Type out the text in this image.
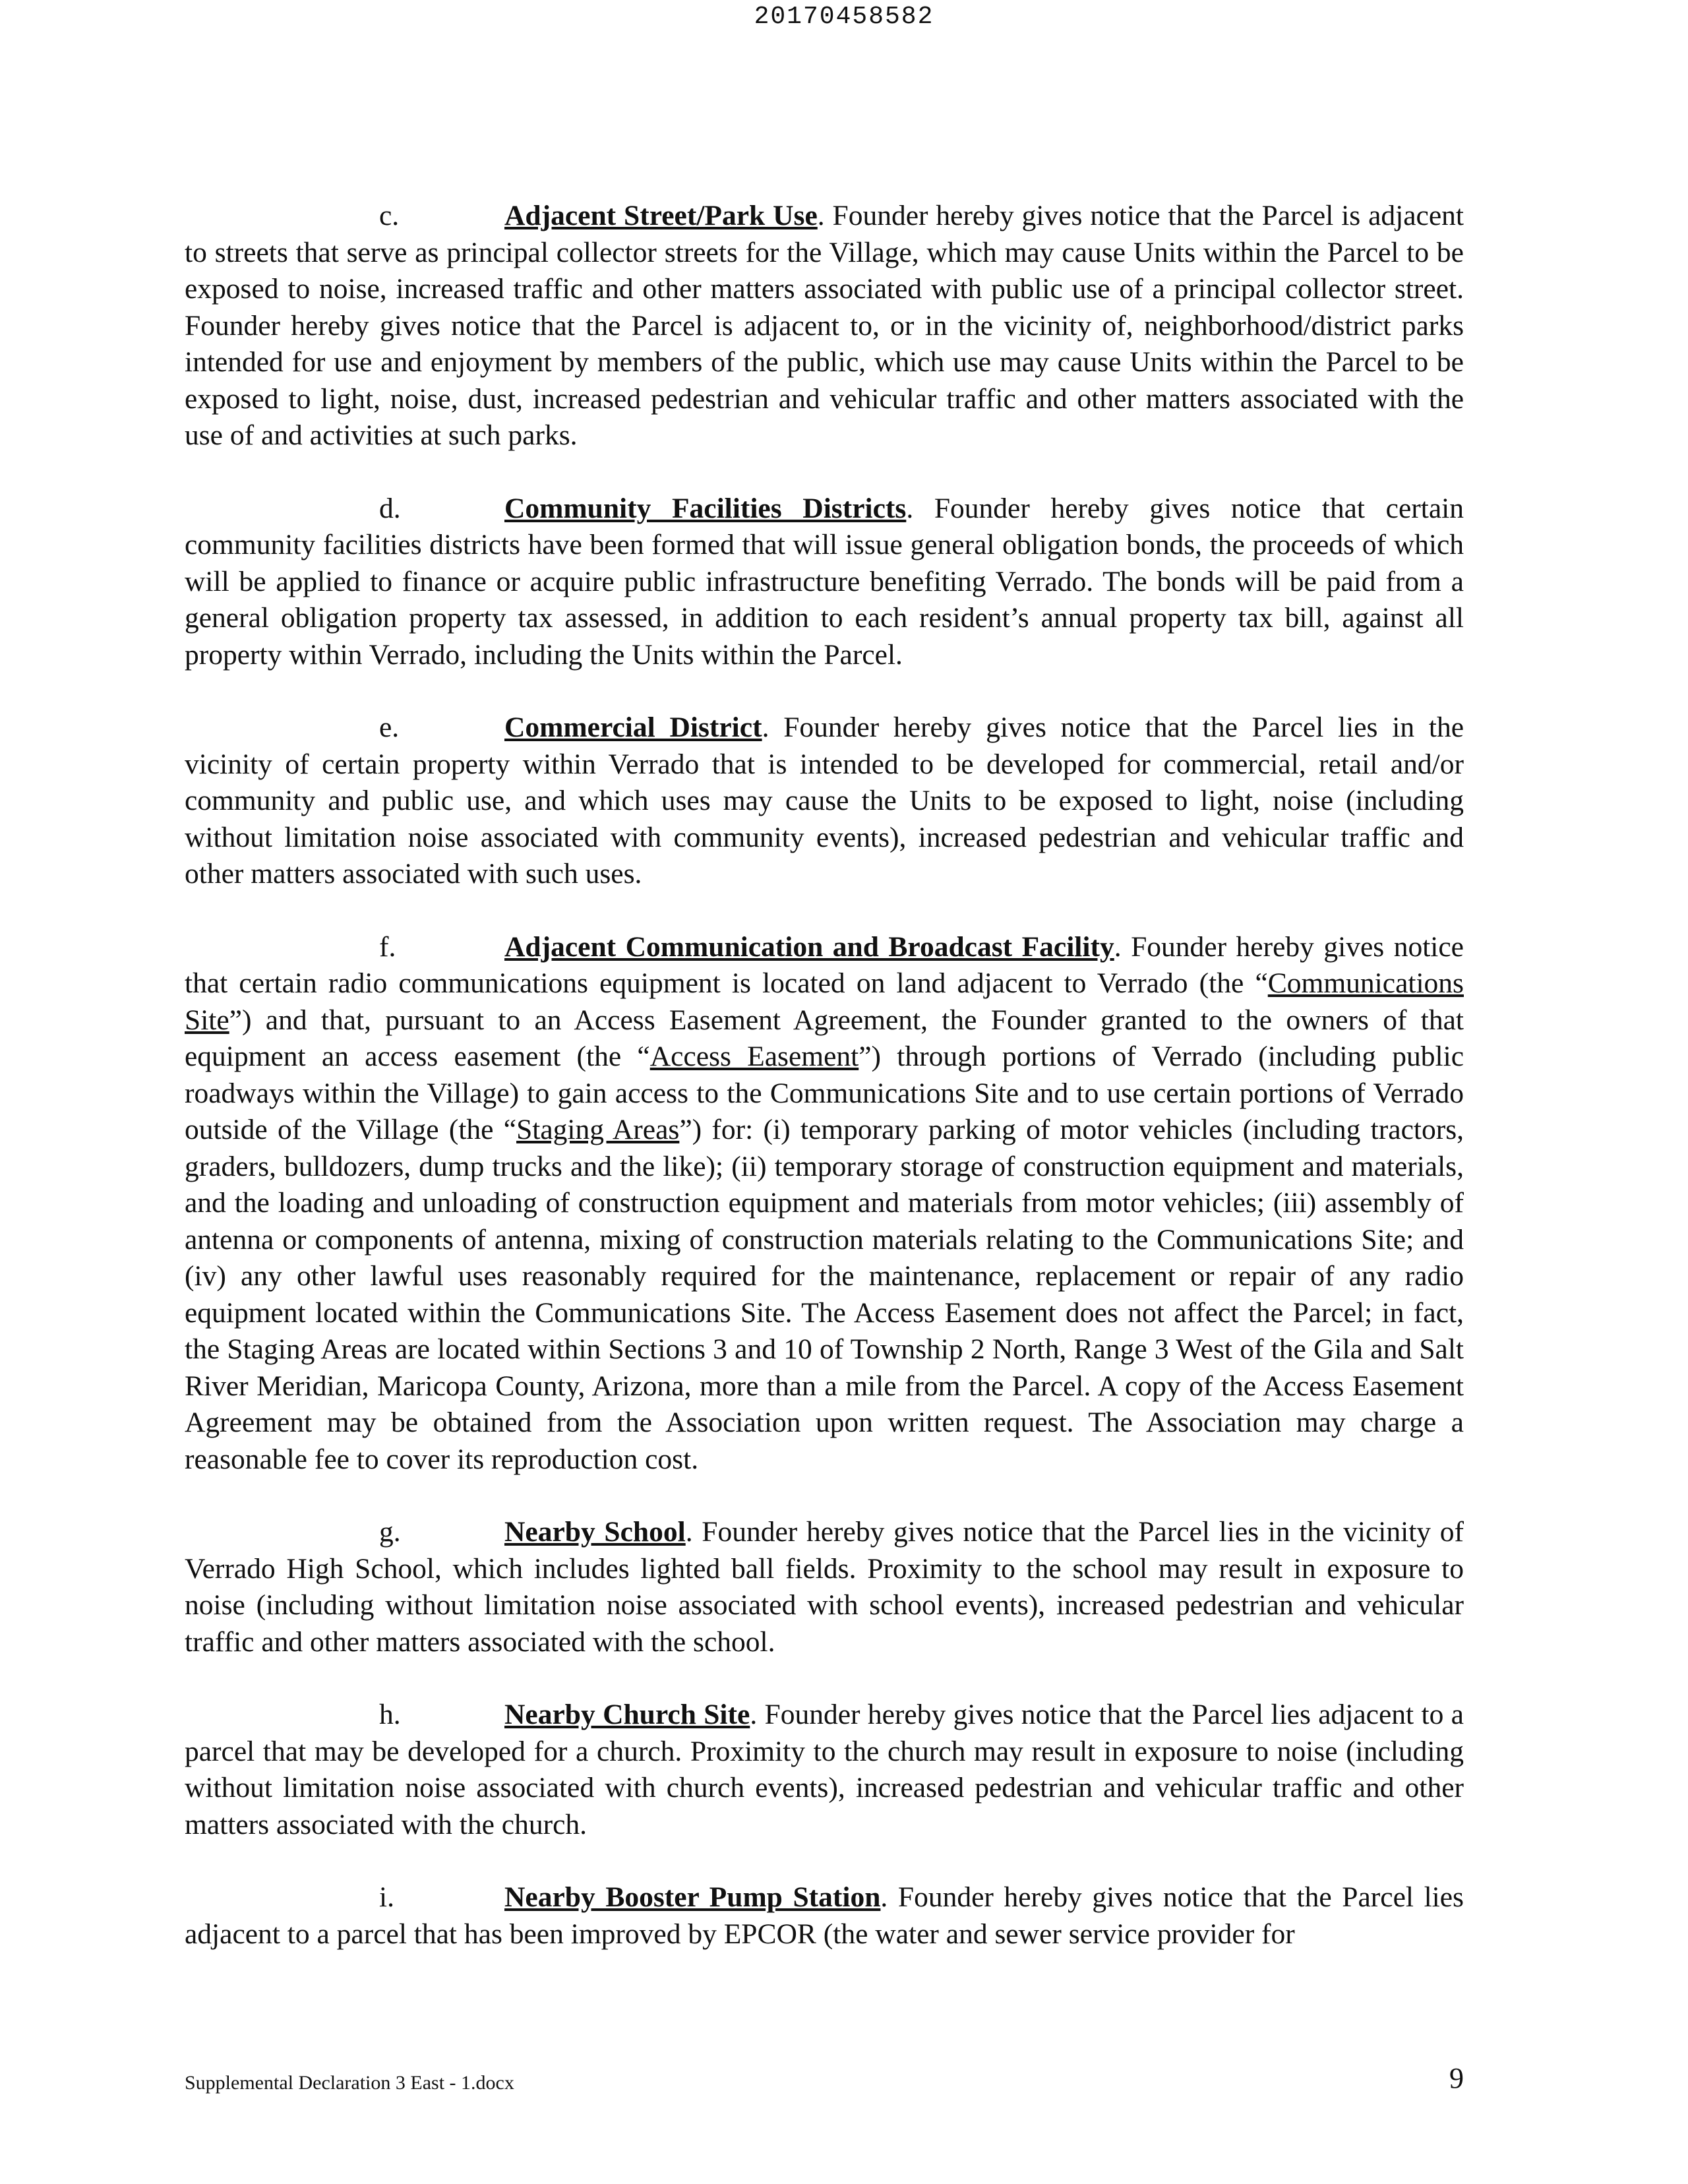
20170458582

c.	Adjacent Street/Park Use. Founder hereby gives notice that the Parcel is adjacent to streets that serve as principal collector streets for the Village, which may cause Units within the Parcel to be exposed to noise, increased traffic and other matters associated with public use of a principal collector street. Founder hereby gives notice that the Parcel is adjacent to, or in the vicinity of, neighborhood/district parks intended for use and enjoyment by members of the public, which use may cause Units within the Parcel to be exposed to light, noise, dust, increased pedestrian and vehicular traffic and other matters associated with the use of and activities at such parks.

d.	Community Facilities Districts. Founder hereby gives notice that certain community facilities districts have been formed that will issue general obligation bonds, the proceeds of which will be applied to finance or acquire public infrastructure benefiting Verrado. The bonds will be paid from a general obligation property tax assessed, in addition to each resident’s annual property tax bill, against all property within Verrado, including the Units within the Parcel.

e.	Commercial District. Founder hereby gives notice that the Parcel lies in the vicinity of certain property within Verrado that is intended to be developed for commercial, retail and/or community and public use, and which uses may cause the Units to be exposed to light, noise (including without limitation noise associated with community events), increased pedestrian and vehicular traffic and other matters associated with such uses.

f.	Adjacent Communication and Broadcast Facility. Founder hereby gives notice that certain radio communications equipment is located on land adjacent to Verrado (the “Communications Site”) and that, pursuant to an Access Easement Agreement, the Founder granted to the owners of that equipment an access easement (the “Access Easement”) through portions of Verrado (including public roadways within the Village) to gain access to the Communications Site and to use certain portions of Verrado outside of the Village (the “Staging Areas”) for: (i) temporary parking of motor vehicles (including tractors, graders, bulldozers, dump trucks and the like); (ii) temporary storage of construction equipment and materials, and the loading and unloading of construction equipment and materials from motor vehicles; (iii) assembly of antenna or components of antenna, mixing of construction materials relating to the Communications Site; and (iv) any other lawful uses reasonably required for the maintenance, replacement or repair of any radio equipment located within the Communications Site. The Access Easement does not affect the Parcel; in fact, the Staging Areas are located within Sections 3 and 10 of Township 2 North, Range 3 West of the Gila and Salt River Meridian, Maricopa County, Arizona, more than a mile from the Parcel. A copy of the Access Easement Agreement may be obtained from the Association upon written request. The Association may charge a reasonable fee to cover its reproduction cost.

g.	Nearby School. Founder hereby gives notice that the Parcel lies in the vicinity of Verrado High School, which includes lighted ball fields. Proximity to the school may result in exposure to noise (including without limitation noise associated with school events), increased pedestrian and vehicular traffic and other matters associated with the school.

h.	Nearby Church Site. Founder hereby gives notice that the Parcel lies adjacent to a parcel that may be developed for a church. Proximity to the church may result in exposure to noise (including without limitation noise associated with church events), increased pedestrian and vehicular traffic and other matters associated with the church.

i.	Nearby Booster Pump Station. Founder hereby gives notice that the Parcel lies adjacent to a parcel that has been improved by EPCOR (the water and sewer service provider for

Supplemental Declaration 3 East - 1.docx	9
